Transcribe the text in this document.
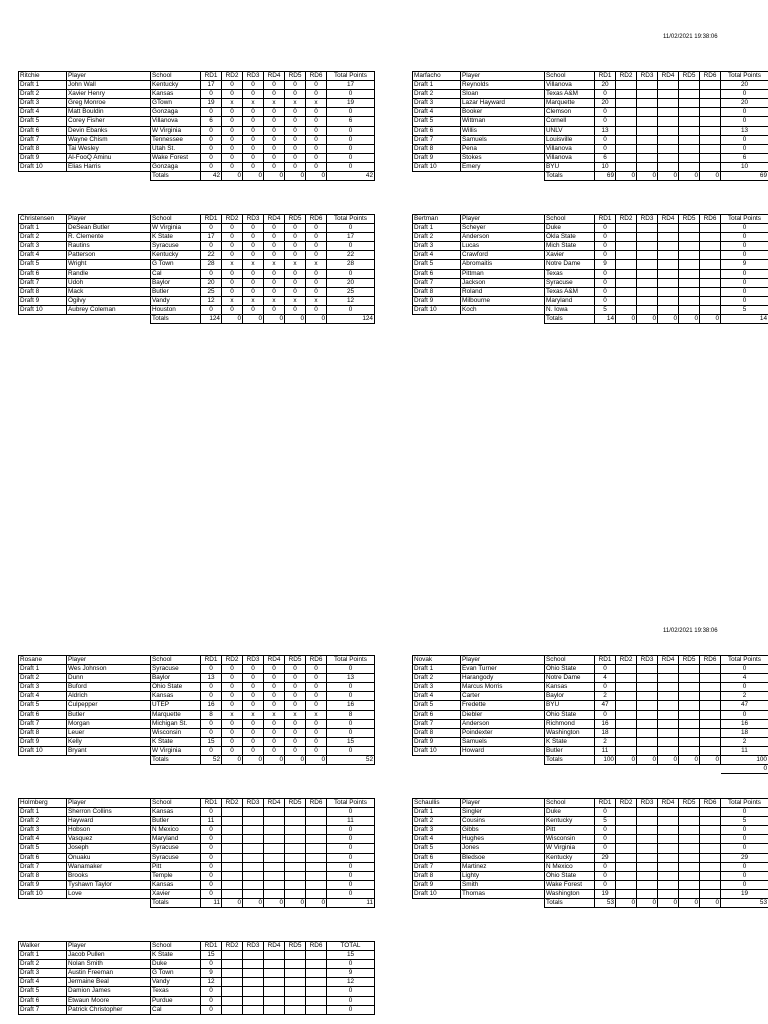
11/02/2021 19:38:06
11/02/2021 19:38:06
Ritchie	Player	School	RD1	RD2	RD3	RD4	RD5	RD6	Total Points
Draft 1	John Wall	Kentucky	17	0	0	0	0	0	17
Draft 2	Xavier Henry	Kansas	0	0	0	0	0	0	0
Draft 3	Greg Monroe	GTown	19	x	x	x	x	x	19
Draft 4	Matt Bouldin	Gonzaga	0	0	0	0	0	0	0
Draft 5	Corey Fisher	Villanova	6	0	0	0	0	0	6
Draft 6	Devin Ebanks	W Virginia	0	0	0	0	0	0	0
Draft 7	Wayne Chism	Tennessee	0	0	0	0	0	0	0
Draft 8	Tai Wesley	Utah St.	0	0	0	0	0	0	0
Draft 9	Al-FooQ Aminu	Wake Forest	0	0	0	0	0	0	0
Draft 10	Elias Harris	Gonzaga	0	0	0	0	0	0	0
		Totals	42	0	0	0	0	0	42
Marfacho	Player	School	RD1	RD2	RD3	RD4	RD5	RD6	Total Points
Draft 1	Reynolds	Villanova	20						20
Draft 2	Sloan	Texas A&M	0						0
Draft 3	Lazar Hayward	Marquette	20						20
Draft 4	Booker	Clemson	0						0
Draft 5	Wittman	Cornell	0						0
Draft 6	Willis	UNLV	13						13
Draft 7	Samuels	Louisville	0						0
Draft 8	Pena	Villanova	0						0
Draft 9	Stokes	Villanova	6						6
Draft 10	Emery	BYU	10						10
		Totals	69	0	0	0	0	0	69
Christensen	Player	School	RD1	RD2	RD3	RD4	RD5	RD6	Total Points
Draft 1	DeSean Butler	W Virginia	0	0	0	0	0	0	0
Draft 2	R. Clemente	K State	17	0	0	0	0	0	17
Draft 3	Rautins	Syracuse	0	0	0	0	0	0	0
Draft 4	Patterson	Kentucky	22	0	0	0	0	0	22
Draft 5	Wright	G Town	28	x	x	x	x	x	28
Draft 6	Randle	Cal	0	0	0	0	0	0	0
Draft 7	Udoh	Baylor	20	0	0	0	0	0	20
Draft 8	Mack	Butler	25	0	0	0	0	0	25
Draft 9	Ogilvy	Vandy	12	x	x	x	x	x	12
Draft 10	Aubrey Coleman	Houston	0	0	0	0	0	0	0
		Totals	124	0	0	0	0	0	124
Bertman	Player	School	RD1	RD2	RD3	RD4	RD5	RD6	Total Points
Draft 1	Scheyer	Duke	0						0
Draft 2	Anderson	Okla State	0						0
Draft 3	Lucas	Mich State	0						0
Draft 4	Crawford	Xavier	0						0
Draft 5	Abromaitis	Notre Dame	9						9
Draft 6	Pittman	Texas	0						0
Draft 7	Jackson	Syracuse	0						0
Draft 8	Roland	Texas A&M	0						0
Draft 9	Milbourne	Maryland	0						0
Draft 10	Koch	N. Iowa	5						5
		Totals	14	0	0	0	0	0	14
Rosane	Player	School	RD1	RD2	RD3	RD4	RD5	RD6	Total Points
Draft 1	Wes Johnson	Syracuse	0	0	0	0	0	0	0
Draft 2	Dunn	Baylor	13	0	0	0	0	0	13
Draft 3	Buford	Ohio State	0	0	0	0	0	0	0
Draft 4	Aldrich	Kansas	0	0	0	0	0	0	0
Draft 5	Culpepper	UTEP	16	0	0	0	0	0	16
Draft 6	Butler	Marquette	8	x	x	x	x	x	8
Draft 7	Morgan	Michigan St.	0	0	0	0	0	0	0
Draft 8	Leuer	Wisconsin	0	0	0	0	0	0	0
Draft 9	Kelly	K State	15	0	0	0	0	0	15
Draft 10	Bryant	W Virginia	0	0	0	0	0	0	0
		Totals	52	0	0	0	0	0	52
Novak	Player	School	RD1	RD2	RD3	RD4	RD5	RD6	Total Points
Draft 1	Evan Turner	Ohio State	0						0
Draft 2	Harangody	Notre Dame	4						4
Draft 3	Marcus Morris	Kansas	0						0
Draft 4	Carter	Baylor	2						2
Draft 5	Fredette	BYU	47						47
Draft 6	Diebler	Ohio State	0						0
Draft 7	Anderson	Richmond	16						16
Draft 8	Poindexter	Washington	18						18
Draft 9	Samuels	K State	2						2
Draft 10	Howard	Butler	11						11
		Totals	100	0	0	0	0	0	100
									0
Holmberg	Player	School	RD1	RD2	RD3	RD4	RD5	RD6	Total Points
Draft 1	Sherron Collins	Kansas	0						0
Draft 2	Hayward	Butler	11						11
Draft 3	Hobson	N Mexico	0						0
Draft 4	Vasquez	Maryland	0						0
Draft 5	Joseph	Syracuse	0						0
Draft 6	Onuaku	Syracuse	0						0
Draft 7	Wanamaker	Pitt	0						0
Draft 8	Brooks	Temple	0						0
Draft 9	Tyshawn Taylor	Kansas	0						0
Draft 10	Love	Xavier	0						0
		Totals	11	0	0	0	0	0	11
Schaullis	Player	School	RD1	RD2	RD3	RD4	RD5	RD6	Total Points
Draft 1	Singler	Duke	0						0
Draft 2	Cousins	Kentucky	5						5
Draft 3	Gibbs	Pitt	0						0
Draft 4	Hughes	Wisconsin	0						0
Draft 5	Jones	W Virginia	0						0
Draft 6	Bledsoe	Kentucky	29						29
Draft 7	Martinez	N Mexico	0						0
Draft 8	Lighty	Ohio State	0						0
Draft 9	Smith	Wake Forest	0						0
Draft 10	Thomas	Washington	19						19
		Totals	53	0	0	0	0	0	53
Walker	Player	School	RD1	RD2	RD3	RD4	RD5	RD6	TOTAL
Draft 1	Jacob Pullen	K State	15						15
Draft 2	Nolan Smith	Duke	0						0
Draft 3	Austin Freeman	G Town	9						9
Draft 4	Jermaine Beal	Vandy	12						12
Draft 5	Damion James	Texas	0						0
Draft 6	Etwaun Moore	Purdue	0						0
Draft 7	Patrick Christopher	Cal	0						0
